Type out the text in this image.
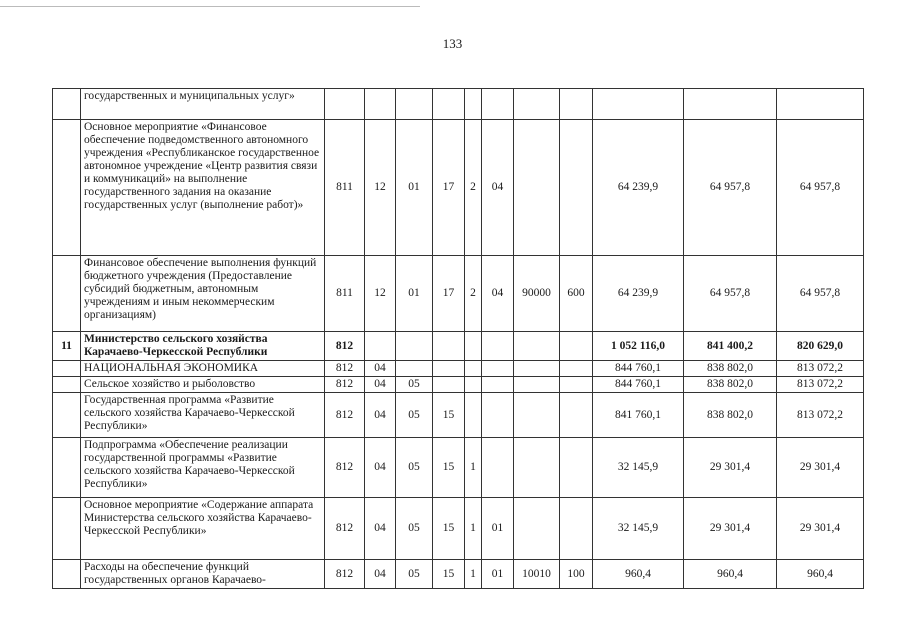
133
	государственных и муниципальных услуг»											
	Основное мероприятие «Финансовое обеспечение подведомственного автономного учреждения «Республиканское государственное автономное учреждение «Центр развития связи и коммуникаций» на выполнение государственного задания на оказание государственных услуг (выполнение работ)»	811	12	01	17	2	04			64 239,9	64 957,8	64 957,8
	Финансовое обеспечение выполнения функций бюджетного учреждения (Предоставление субсидий бюджетным, автономным учреждениям и иным некоммерческим организациям)	811	12	01	17	2	04	90000	600	64 239,9	64 957,8	64 957,8
11	Министерство сельского хозяйства Карачаево-Черкесской Республики	812								1 052 116,0	841 400,2	820 629,0
	НАЦИОНАЛЬНАЯ ЭКОНОМИКА	812	04							844 760,1	838 802,0	813 072,2
	Сельское хозяйство и рыболовство	812	04	05						844 760,1	838 802,0	813 072,2
	Государственная программа «Развитие сельского хозяйства Карачаево-Черкесской Республики»	812	04	05	15					841 760,1	838 802,0	813 072,2
	Подпрограмма «Обеспечение реализации государственной программы «Развитие сельского хозяйства Карачаево-Черкесской Республики»	812	04	05	15	1				32 145,9	29 301,4	29 301,4
	Основное мероприятие «Содержание аппарата Министерства сельского хозяйства Карачаево-Черкесской Республики»	812	04	05	15	1	01			32 145,9	29 301,4	29 301,4
	Расходы на обеспечение функций государственных органов Карачаево-	812	04	05	15	1	01	10010	100	960,4	960,4	960,4
